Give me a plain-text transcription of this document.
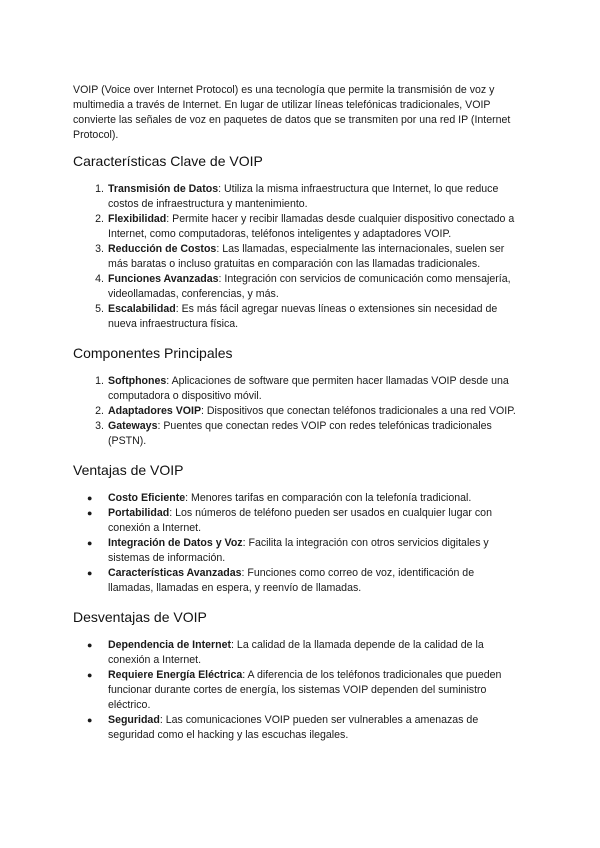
VOIP (Voice over Internet Protocol) es una tecnología que permite la transmisión de voz y multimedia a través de Internet. En lugar de utilizar líneas telefónicas tradicionales, VOIP convierte las señales de voz en paquetes de datos que se transmiten por una red IP (Internet Protocol).

Características Clave de VOIP
1. Transmisión de Datos: Utiliza la misma infraestructura que Internet, lo que reduce costos de infraestructura y mantenimiento.
2. Flexibilidad: Permite hacer y recibir llamadas desde cualquier dispositivo conectado a Internet, como computadoras, teléfonos inteligentes y adaptadores VOIP.
3. Reducción de Costos: Las llamadas, especialmente las internacionales, suelen ser más baratas o incluso gratuitas en comparación con las llamadas tradicionales.
4. Funciones Avanzadas: Integración con servicios de comunicación como mensajería, videollamadas, conferencias, y más.
5. Escalabilidad: Es más fácil agregar nuevas líneas o extensiones sin necesidad de nueva infraestructura física.
Componentes Principales
1. Softphones: Aplicaciones de software que permiten hacer llamadas VOIP desde una computadora o dispositivo móvil.
2. Adaptadores VOIP: Dispositivos que conectan teléfonos tradicionales a una red VOIP.
3. Gateways: Puentes que conectan redes VOIP con redes telefónicas tradicionales (PSTN).
Ventajas de VOIP
●	Costo Eficiente: Menores tarifas en comparación con la telefonía tradicional.
●	Portabilidad: Los números de teléfono pueden ser usados en cualquier lugar con conexión a Internet.
●	Integración de Datos y Voz: Facilita la integración con otros servicios digitales y sistemas de información.
●	Características Avanzadas: Funciones como correo de voz, identificación de llamadas, llamadas en espera, y reenvío de llamadas.
Desventajas de VOIP
●	Dependencia de Internet: La calidad de la llamada depende de la calidad de la conexión a Internet.
●	Requiere Energía Eléctrica: A diferencia de los teléfonos tradicionales que pueden funcionar durante cortes de energía, los sistemas VOIP dependen del suministro eléctrico.
●	Seguridad: Las comunicaciones VOIP pueden ser vulnerables a amenazas de seguridad como el hacking y las escuchas ilegales.
